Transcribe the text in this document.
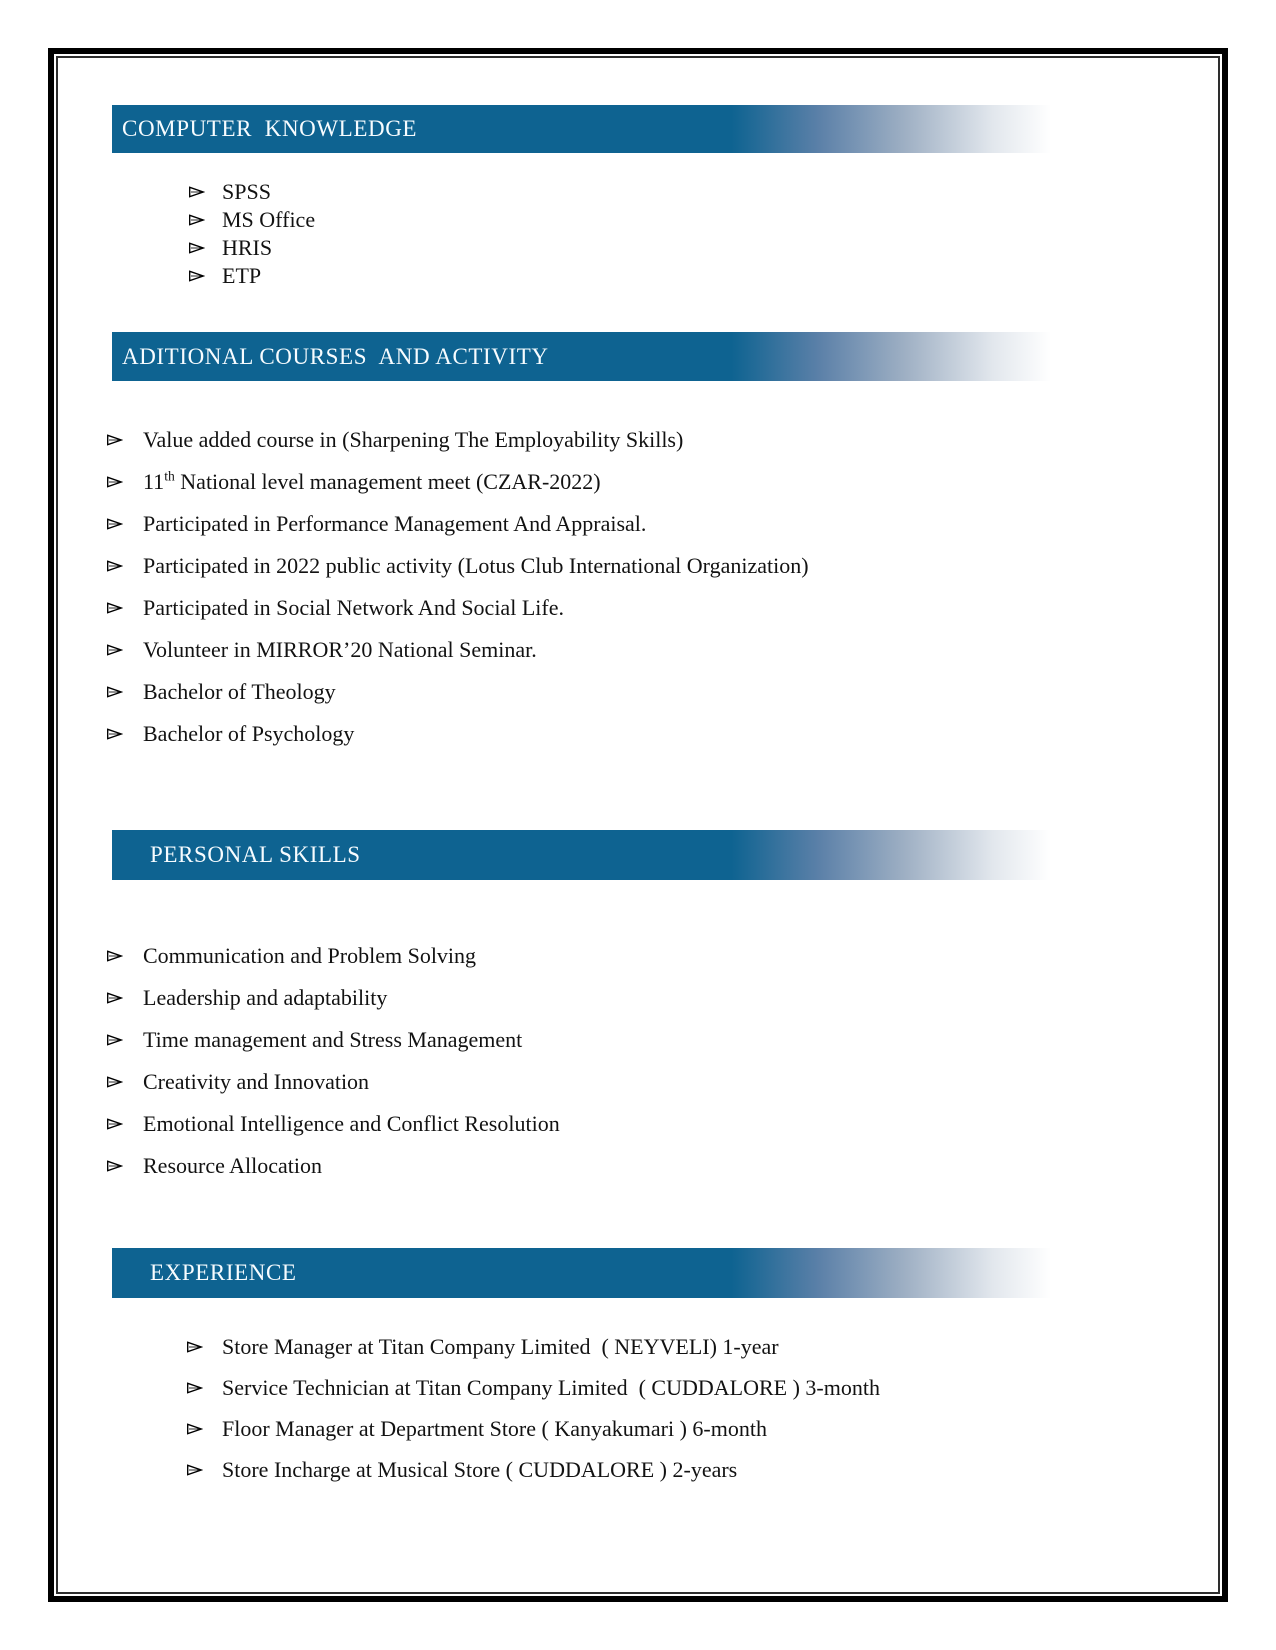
COMPUTER  KNOWLEDGE
SPSS
MS Office
HRIS
ETP
ADITIONAL COURSES  AND ACTIVITY
Value added course in (Sharpening The Employability Skills)
11th National level management meet (CZAR-2022)
Participated in Performance Management And Appraisal.
Participated in 2022 public activity (Lotus Club International Organization)
Participated in Social Network And Social Life.
Volunteer in MIRROR’20 National Seminar.
Bachelor of Theology
Bachelor of Psychology
PERSONAL SKILLS
Communication and Problem Solving
Leadership and adaptability
Time management and Stress Management
Creativity and Innovation
Emotional Intelligence and Conflict Resolution
Resource Allocation
EXPERIENCE
Store Manager at Titan Company Limited  ( NEYVELI) 1-year
Service Technician at Titan Company Limited  ( CUDDALORE ) 3-month
Floor Manager at Department Store ( Kanyakumari ) 6-month
Store Incharge at Musical Store ( CUDDALORE ) 2-years
